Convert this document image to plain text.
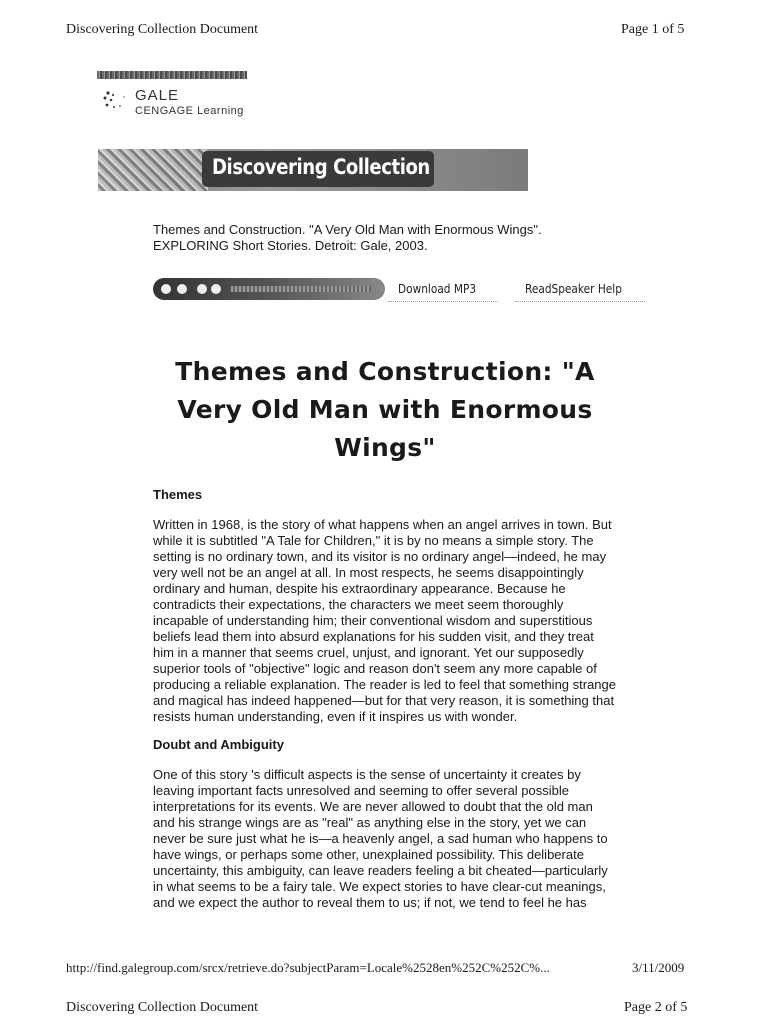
Discovering Collection Document	Page 1 of 5
GALE
CENGAGE Learning
Discovering Collection
Themes and Construction. "A Very Old Man with Enormous Wings".
EXPLORING Short Stories. Detroit: Gale, 2003.
Download MP3	ReadSpeaker Help
Themes and Construction: "A
Very Old Man with Enormous
Wings"
Themes
Written in 1968, is the story of what happens when an angel arrives in town. But
while it is subtitled "A Tale for Children," it is by no means a simple story. The
setting is no ordinary town, and its visitor is no ordinary angel—indeed, he may
very well not be an angel at all. In most respects, he seems disappointingly
ordinary and human, despite his extraordinary appearance. Because he
contradicts their expectations, the characters we meet seem thoroughly
incapable of understanding him; their conventional wisdom and superstitious
beliefs lead them into absurd explanations for his sudden visit, and they treat
him in a manner that seems cruel, unjust, and ignorant. Yet our supposedly
superior tools of "objective" logic and reason don't seem any more capable of
producing a reliable explanation. The reader is led to feel that something strange
and magical has indeed happened—but for that very reason, it is something that
resists human understanding, even if it inspires us with wonder.
Doubt and Ambiguity
One of this story 's difficult aspects is the sense of uncertainty it creates by
leaving important facts unresolved and seeming to offer several possible
interpretations for its events. We are never allowed to doubt that the old man
and his strange wings are as "real" as anything else in the story, yet we can
never be sure just what he is—a heavenly angel, a sad human who happens to
have wings, or perhaps some other, unexplained possibility. This deliberate
uncertainty, this ambiguity, can leave readers feeling a bit cheated—particularly
in what seems to be a fairy tale. We expect stories to have clear-cut meanings,
and we expect the author to reveal them to us; if not, we tend to feel he has
http://find.galegroup.com/srcx/retrieve.do?subjectParam=Locale%2528en%252C%252C%...	3/11/2009
Discovering Collection Document	Page 2 of 5
